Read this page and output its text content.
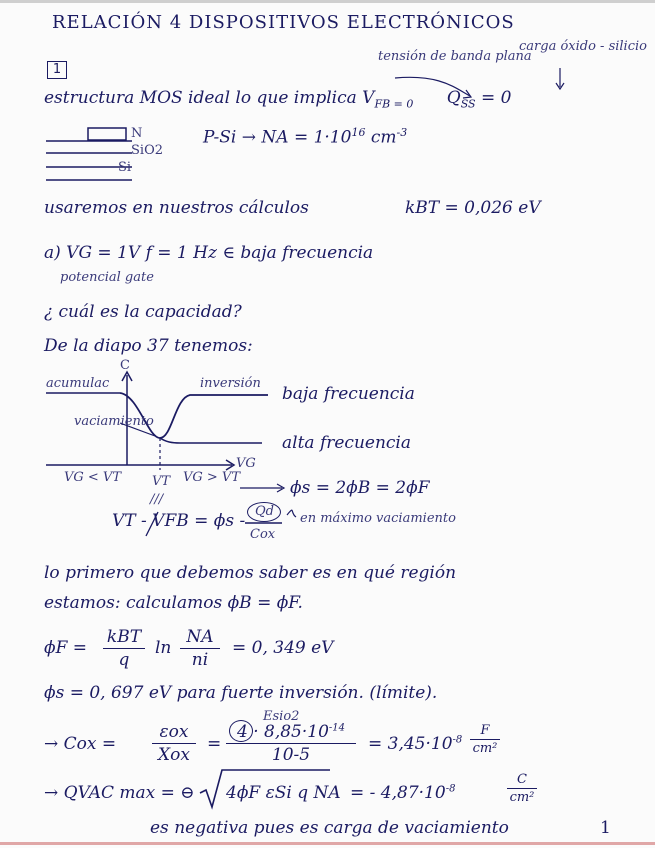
RELACIÓN 4 DISPOSITIVOS ELECTRÓNICOS
1
tensión de banda plana
carga óxido - silicio
estructura MOS ideal lo que implica $V_{FB = 0}$ $Q_{SS} = 0$
N
SiO2
Si
P-Si → NA = $1\cdot 10^{16}$ $cm^{-3}$
usaremos en nuestros cálculos	kBT = 0,026 eV
a) VG = 1V f = 1 Hz ∈ baja frecuencia
potencial gate
¿ cuál es la capacidad?
De la diapo 37 tenemos:
C
acumulac	inversión
vaciamiento
baja frecuencia
alta frecuencia
VG
VG < VT VT VG > VT
///
ϕs = 2ϕB = 2ϕF
VT - VFB = ϕs - Qd
Cox
en máximo vaciamiento
lo primero que debemos saber es en qué región
estamos: calculamos ϕB = ϕF.
ϕF =
kBT
q
$\ln \frac{NA}{ni} = 0$, 349 eV
ϕs = 0, 697 eV para fuerte inversión. (límite).
Esio2
→ Cox =
εox
Xox
= $\frac{4 \cdot 8,85\cdot 10^{-14}}{10-5} = 3,45\cdot 10^{-8} \frac{F}{\text{cm²}}$
→ QVAC max = ⊖ 4ϕF εSi q NA = - $4,87\cdot 10^{-8}$	$\frac{C}{\text{cm²}}$
es negativa pues es carga de vaciamiento	1
